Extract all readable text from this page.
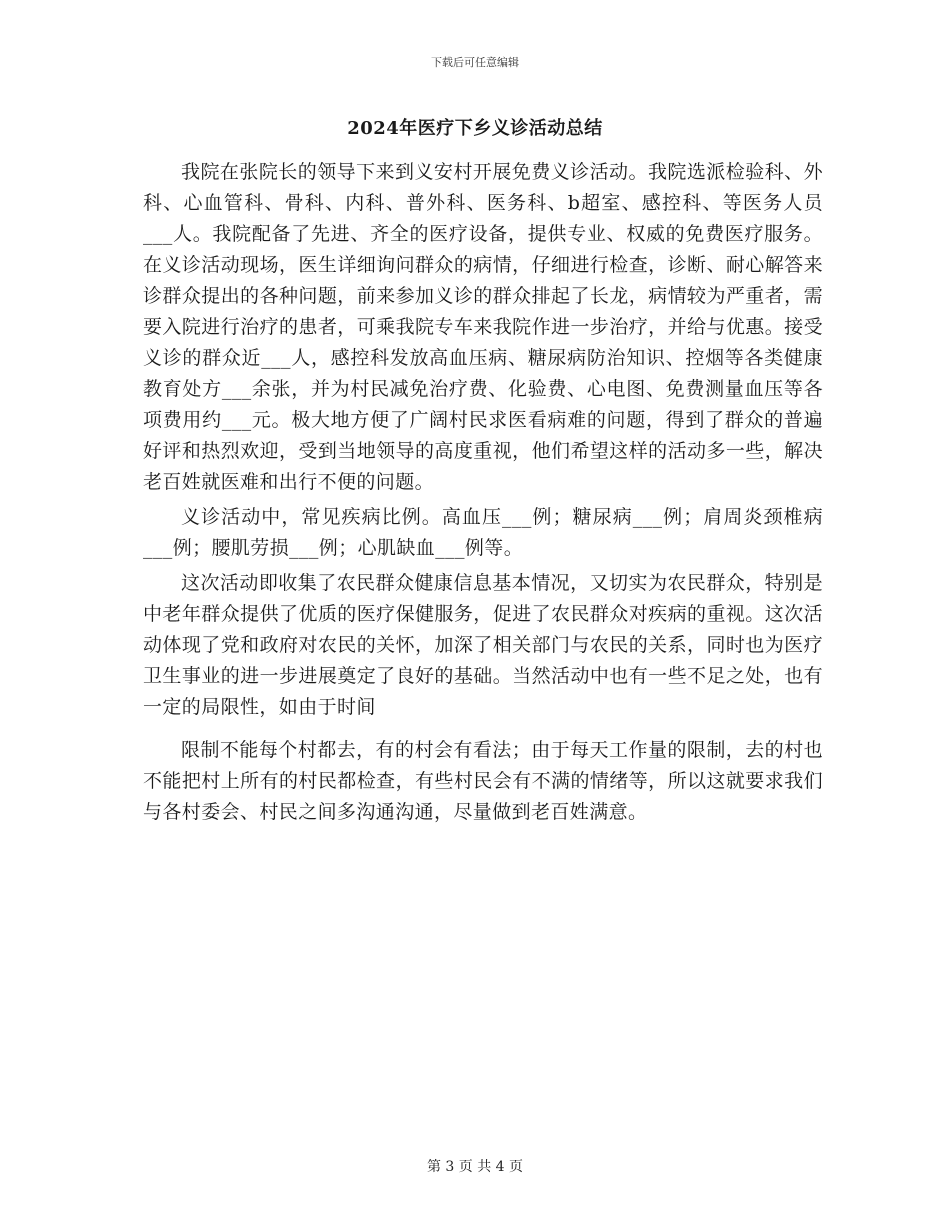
下载后可任意编辑
2024年医疗下乡义诊活动总结

我院在张院长的领导下来到义安村开展免费义诊活动。我院选派检验科、外科、心血管科、骨科、内科、普外科、医务科、b超室、感控科、等医务人员___人。我院配备了先进、齐全的医疗设备，提供专业、权威的免费医疗服务。在义诊活动现场，医生详细询问群众的病情，仔细进行检查，诊断、耐心解答来诊群众提出的各种问题，前来参加义诊的群众排起了长龙，病情较为严重者，需要入院进行治疗的患者，可乘我院专车来我院作进一步治疗，并给与优惠。接受义诊的群众近___人，感控科发放高血压病、糖尿病防治知识、控烟等各类健康教育处方___余张，并为村民减免治疗费、化验费、心电图、免费测量血压等各项费用约___元。极大地方便了广阔村民求医看病难的问题，得到了群众的普遍好评和热烈欢迎，受到当地领导的高度重视，他们希望这样的活动多一些，解决老百姓就医难和出行不便的问题。

义诊活动中，常见疾病比例。高血压___例；糖尿病___例；肩周炎颈椎病___例；腰肌劳损___例；心肌缺血___例等。

这次活动即收集了农民群众健康信息基本情况，又切实为农民群众，特别是中老年群众提供了优质的医疗保健服务，促进了农民群众对疾病的重视。这次活动体现了党和政府对农民的关怀，加深了相关部门与农民的关系，同时也为医疗卫生事业的进一步进展奠定了良好的基础。当然活动中也有一些不足之处，也有一定的局限性，如由于时间

限制不能每个村都去，有的村会有看法；由于每天工作量的限制，去的村也不能把村上所有的村民都检查，有些村民会有不满的情绪等，所以这就要求我们与各村委会、村民之间多沟通沟通，尽量做到老百姓满意。

第 3 页 共 4 页
